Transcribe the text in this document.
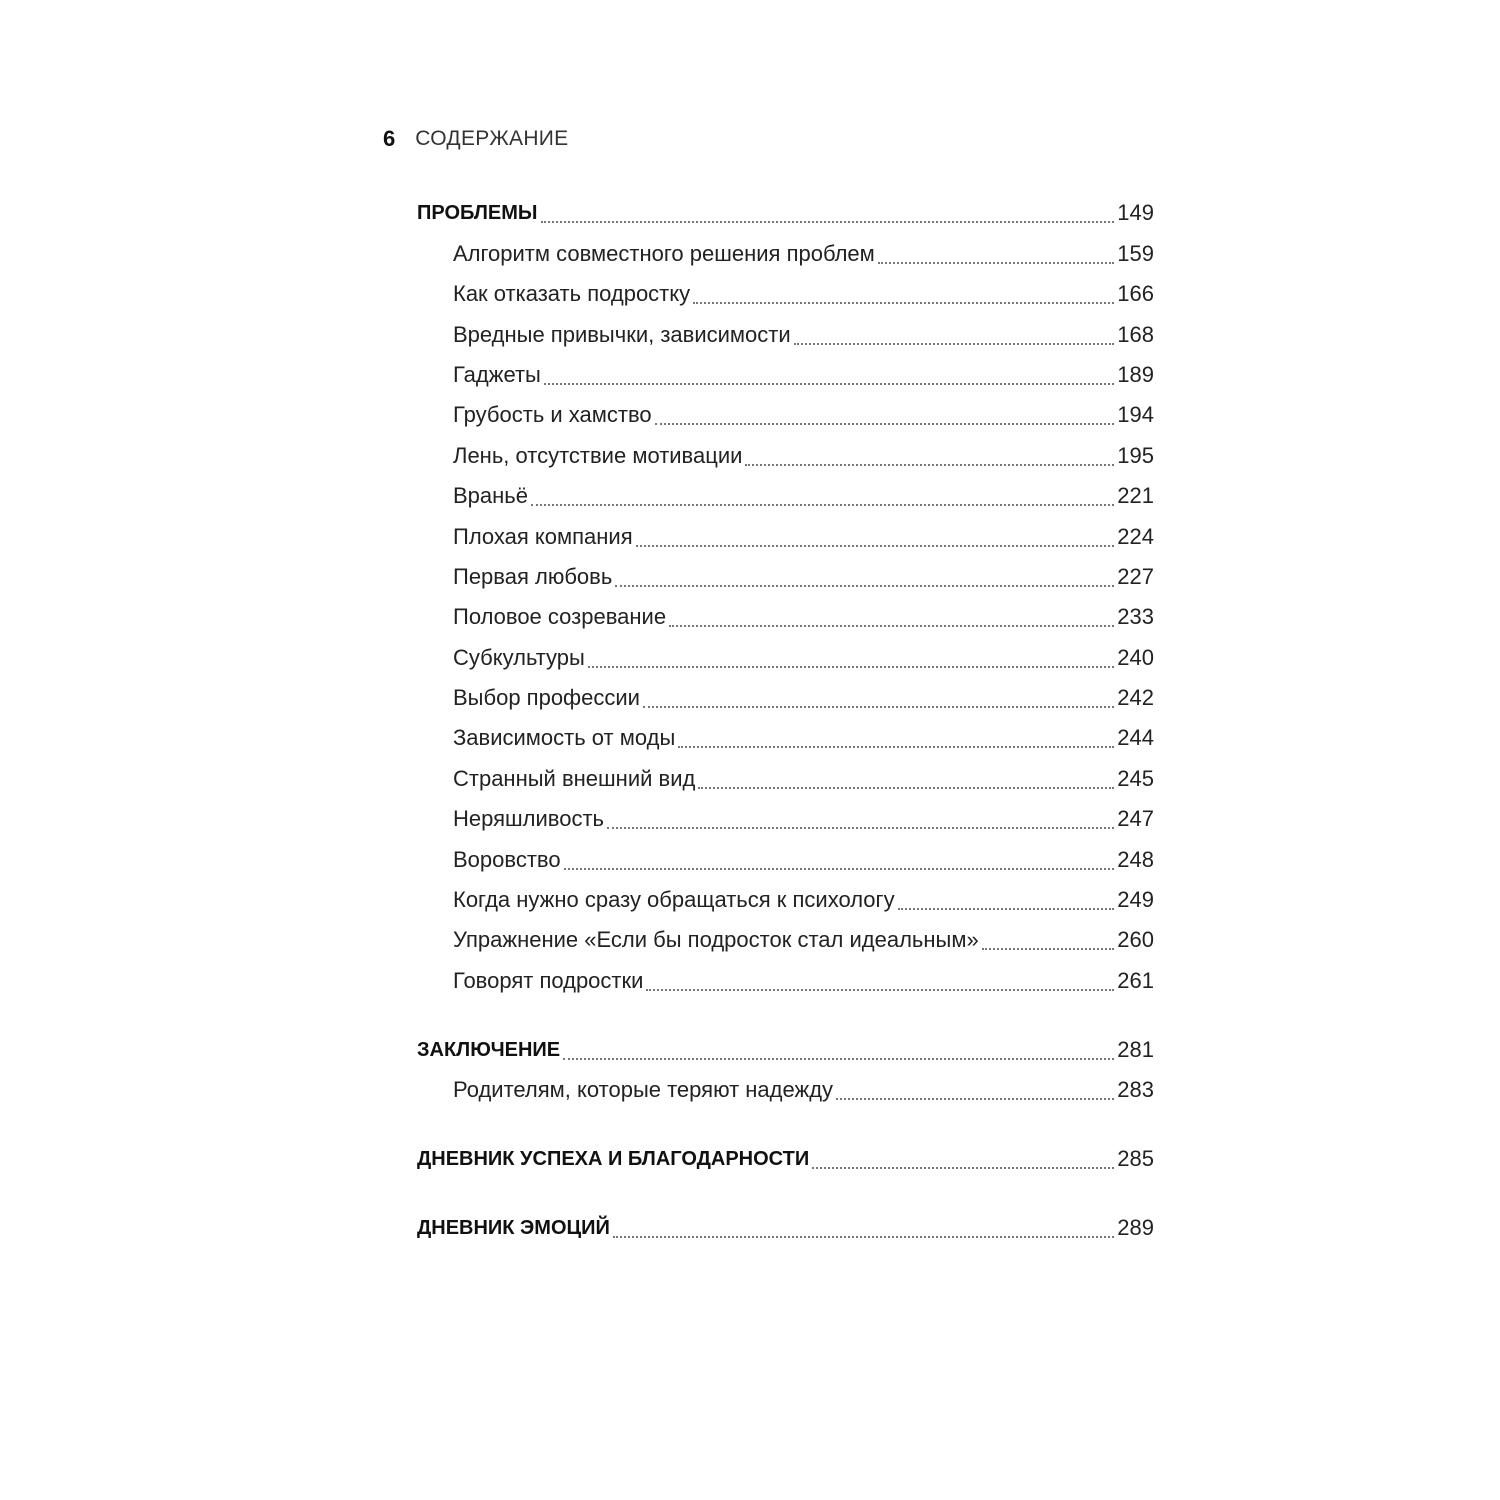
6 СОДЕРЖАНИЕ
ПРОБЛЕМЫ	149
Алгоритм совместного решения проблем	159
Как отказать подростку	166
Вредные привычки, зависимости	168
Гаджеты	189
Грубость и хамство	194
Лень, отсутствие мотивации	195
Враньё	221
Плохая компания	224
Первая любовь	227
Половое созревание	233
Субкультуры	240
Выбор профессии	242
Зависимость от моды	244
Странный внешний вид	245
Неряшливость	247
Воровство	248
Когда нужно сразу обращаться к психологу	249
Упражнение «Если бы подросток стал идеальным»	260
Говорят подростки	261
ЗАКЛЮЧЕНИЕ	281
Родителям, которые теряют надежду	283
ДНЕВНИК УСПЕХА И БЛАГОДАРНОСТИ	285
ДНЕВНИК ЭМОЦИЙ	289
